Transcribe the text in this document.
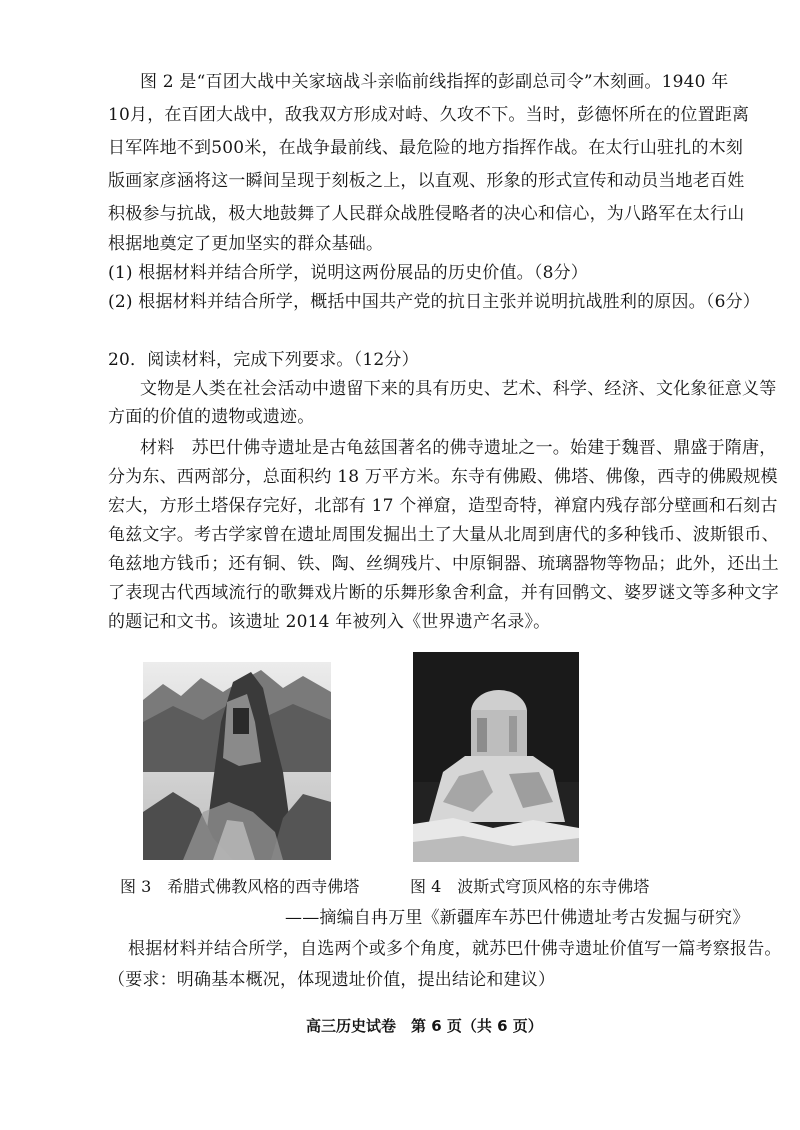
图 2 是“百团大战中关家垴战斗亲临前线指挥的彭副总司令”木刻画。1940 年
10月，在百团大战中，敌我双方形成对峙、久攻不下。当时，彭德怀所在的位置距离
日军阵地不到500米，在战争最前线、最危险的地方指挥作战。在太行山驻扎的木刻
版画家彦涵将这一瞬间呈现于刻板之上，以直观、形象的形式宣传和动员当地老百姓
积极参与抗战，极大地鼓舞了人民群众战胜侵略者的决心和信心，为八路军在太行山
根据地奠定了更加坚实的群众基础。
(1) 根据材料并结合所学，说明这两份展品的历史价值。（8分）
(2) 根据材料并结合所学，概括中国共产党的抗日主张并说明抗战胜利的原因。（6分）
20．阅读材料，完成下列要求。（12分）
文物是人类在社会活动中遗留下来的具有历史、艺术、科学、经济、文化象征意义等
方面的价值的遗物或遗迹。
材料　苏巴什佛寺遗址是古龟兹国著名的佛寺遗址之一。始建于魏晋、鼎盛于隋唐，
分为东、西两部分，总面积约 18 万平方米。东寺有佛殿、佛塔、佛像，西寺的佛殿规模
宏大，方形土塔保存完好，北部有 17 个禅窟，造型奇特，禅窟内残存部分壁画和石刻古
龟兹文字。考古学家曾在遗址周围发掘出土了大量从北周到唐代的多种钱币、波斯银币、
龟兹地方钱币；还有铜、铁、陶、丝绸残片、中原铜器、琉璃器物等物品；此外，还出土
了表现古代西域流行的歌舞戏片断的乐舞形象舍利盒，并有回鹘文、婆罗谜文等多种文字
的题记和文书。该遗址 2014 年被列入《世界遗产名录》。
图 3　希腊式佛教风格的西寺佛塔	图 4　波斯式穹顶风格的东寺佛塔
——摘编自冉万里《新疆库车苏巴什佛遗址考古发掘与研究》
根据材料并结合所学，自选两个或多个角度，就苏巴什佛寺遗址价值写一篇考察报告。
（要求：明确基本概况，体现遗址价值，提出结论和建议）
高三历史试卷　第 6 页（共 6 页）
